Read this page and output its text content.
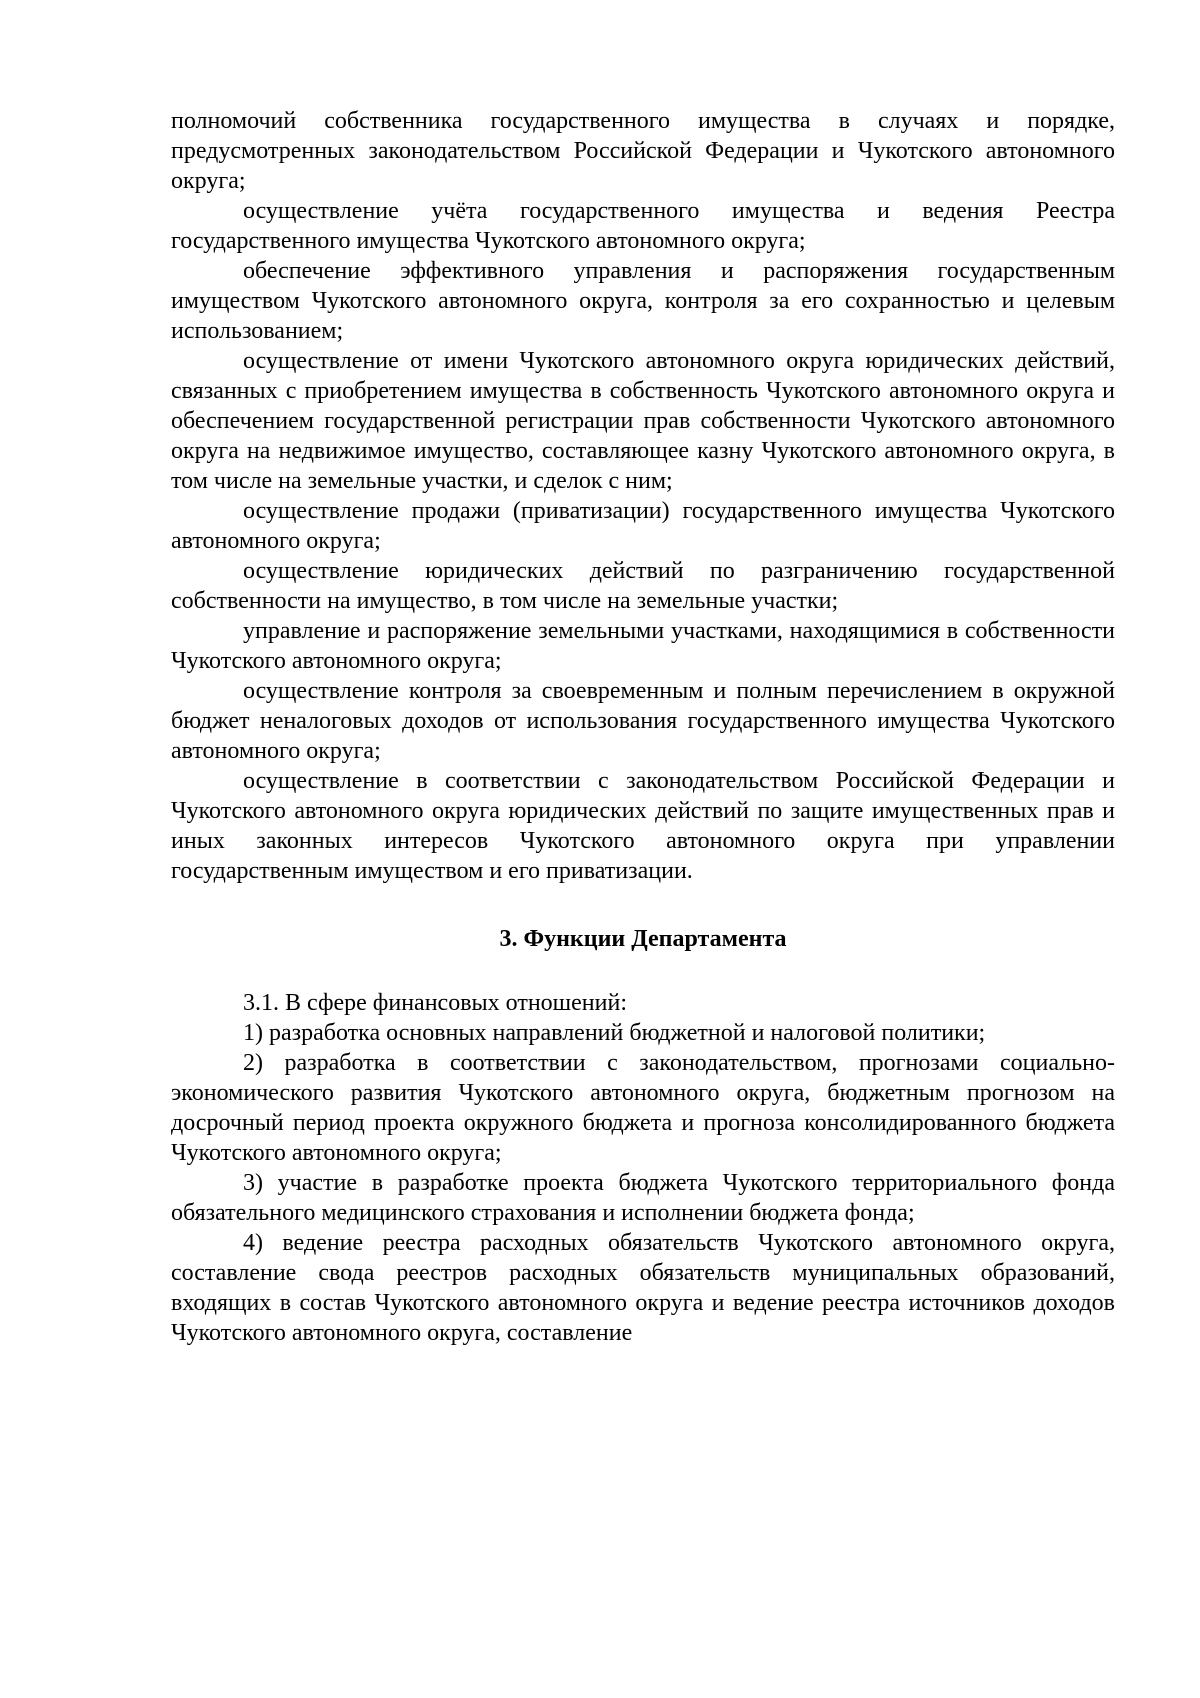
полномочий собственника государственного имущества в случаях и порядке, предусмотренных законодательством Российской Федерации и Чукотского автономного округа;

осуществление учёта государственного имущества и ведения Реестра государственного имущества Чукотского автономного округа;

обеспечение эффективного управления и распоряжения государственным имуществом Чукотского автономного округа, контроля за его сохранностью и целевым использованием;

осуществление от имени Чукотского автономного округа юридических действий, связанных с приобретением имущества в собственность Чукотского автономного округа и обеспечением государственной регистрации прав собственности Чукотского автономного округа на недвижимое имущество, составляющее казну Чукотского автономного округа, в том числе на земельные участки, и сделок с ним;

осуществление продажи (приватизации) государственного имущества Чукотского автономного округа;

осуществление юридических действий по разграничению государственной собственности на имущество, в том числе на земельные участки;

управление и распоряжение земельными участками, находящимися в собственности Чукотского автономного округа;

осуществление контроля за своевременным и полным перечислением в окружной бюджет неналоговых доходов от использования государственного имущества Чукотского автономного округа;

осуществление в соответствии с законодательством Российской Федерации и Чукотского автономного округа юридических действий по защите имущественных прав и иных законных интересов Чукотского автономного округа при управлении государственным имуществом и его приватизации.

3. Функции Департамента

3.1. В сфере финансовых отношений:

1) разработка основных направлений бюджетной и налоговой политики;

2) разработка в соответствии с законодательством, прогнозами социально-экономического развития Чукотского автономного округа, бюджетным прогнозом на досрочный период проекта окружного бюджета и прогноза консолидированного бюджета Чукотского автономного округа;

3) участие в разработке проекта бюджета Чукотского территориального фонда обязательного медицинского страхования и исполнении бюджета фонда;

4) ведение реестра расходных обязательств Чукотского автономного округа, составление свода реестров расходных обязательств муниципальных образований, входящих в состав Чукотского автономного округа и ведение реестра источников доходов Чукотского автономного округа, составление
